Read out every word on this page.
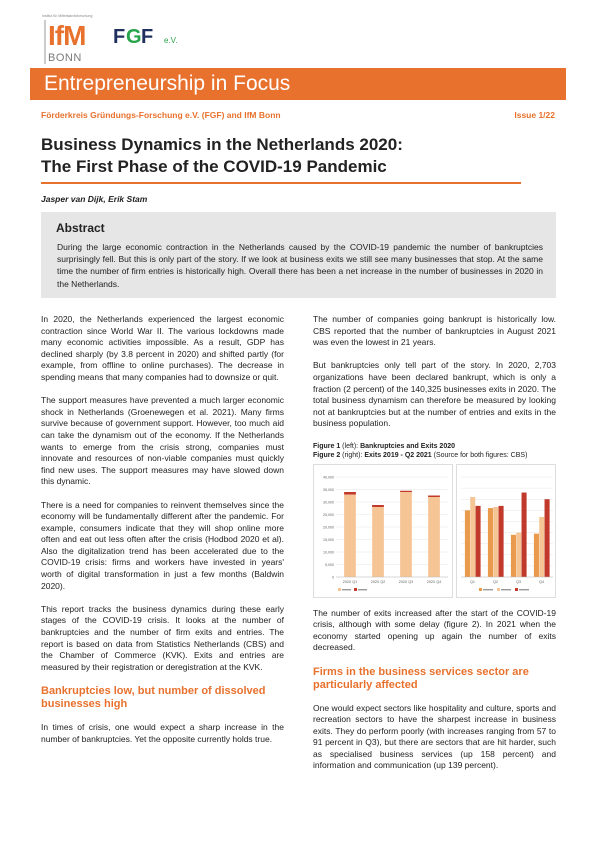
Institut für Mittelstandsforschung
IfM
BONN
F G F e.V.
Entrepreneurship in Focus
Förderkreis Gründungs-Forschung e.V. (FGF) and IfM Bonn	Issue 1/22
Business Dynamics in the Netherlands 2020:
The First Phase of the COVID-19 Pandemic
Jasper van Dijk, Erik Stam
Abstract
During the large economic contraction in the Netherlands caused by the COVID-19 pandemic the number of bankruptcies surprisingly fell. But this is only part of the story. If we look at business exits we still see many businesses that stop. At the same time the number of firm entries is historically high. Overall there has been a net increase in the number of businesses in 2020 in the Netherlands.

In 2020, the Netherlands experienced the largest economic contraction since World War II. The various lockdowns made many economic activities impossible. As a result, GDP has declined sharply (by 3.8 percent in 2020) and shifted partly (for example, from offline to online purchases). The decrease in spending means that many companies had to downsize or quit.

The support measures have prevented a much larger economic shock in Netherlands (Groenewegen et al. 2021). Many firms survive because of government support. However, too much aid can take the dynamism out of the economy. If the Netherlands wants to emerge from the crisis strong, companies must innovate and resources of non-viable companies must quickly find new uses. The support measures may have slowed down this dynamic.

There is a need for companies to reinvent themselves since the economy will be fundamentally different after the pandemic. For example, consumers indicate that they will shop online more often and eat out less often after the crisis (Hodbod 2020 et al). Also the digitalization trend has been accelerated due to the COVID-19 crisis: firms and workers have invested in years' worth of digital transformation in just a few months (Baldwin 2020).

This report tracks the business dynamics during these early stages of the COVID-19 crisis. It looks at the number of bankruptcies and the number of firm exits and entries. The report is based on data from Statistics Netherlands (CBS) and the Chamber of Commerce (KVK). Exits and entries are measured by their registration or deregistration at the KVK.

Bankruptcies low, but number of dissolved businesses high

In times of crisis, one would expect a sharp increase in the number of bankruptcies. Yet the opposite currently holds true.

The number of companies going bankrupt is historically low. CBS reported that the number of bankruptcies in August 2021 was even the lowest in 21 years.

But bankruptcies only tell part of the story. In 2020, 2,703 organizations have been declared bankrupt, which is only a fraction (2 percent) of the 140,325 businesses exits in 2020. The total business dynamism can therefore be measured by looking not at bankruptcies but at the number of entries and exits in the business population.

Figure 1 (left): Bankruptcies and Exits 2020
Figure 2 (right): Exits 2019 - Q2 2021 (Source for both figures: CBS)
0
5,000
10,000
15,000
20,000
25,000
30,000
35,000
40,000
2020 Q1	2020 Q2	2020 Q3	2020 Q4	Q1	Q2	Q3	Q4

The number of exits increased after the start of the COVID-19 crisis, although with some delay (figure 2). In 2021 when the economy started opening up again the number of exits decreased.

Firms in the business services sector are particularly affected

One would expect sectors like hospitality and culture, sports and recreation sectors to have the sharpest increase in business exits. They do perform poorly (with increases ranging from 57 to 91 percent in Q3), but there are sectors that are hit harder, such as specialised business services (up 158 percent) and information and communication (up 139 percent).
